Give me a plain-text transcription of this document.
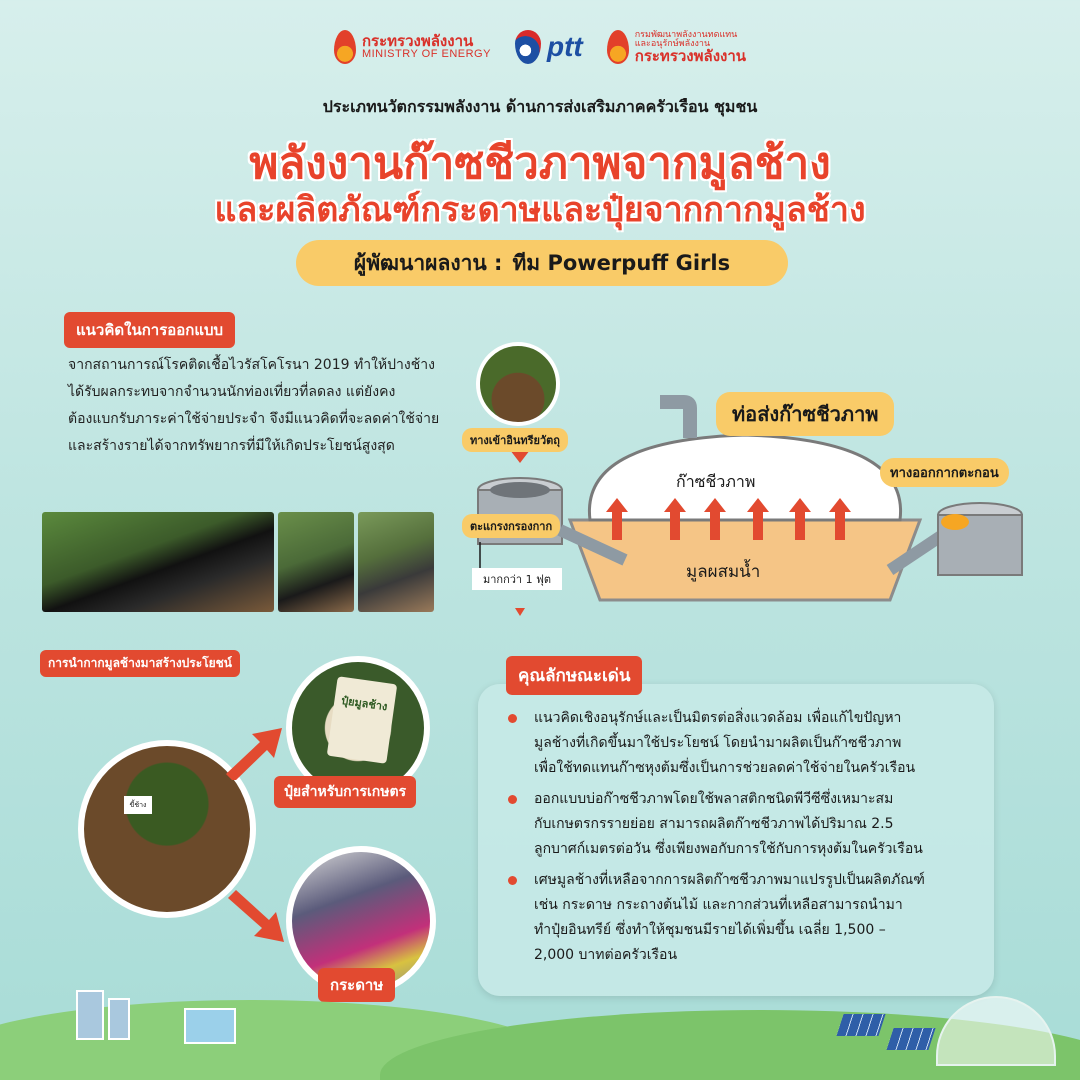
กระทรวงพลังงาน
MINISTRY OF ENERGY ptt	กรมพัฒนาพลังงานทดแทน
และอนุรักษ์พลังงาน
กระทรวงพลังงาน
ประเภทนวัตกรรมพลังงาน ด้านการส่งเสริมภาคครัวเรือน ชุมชน
พลังงานก๊าซชีวภาพจากมูลช้าง
และผลิตภัณฑ์กระดาษและปุ๋ยจากกากมูลช้าง
ผู้พัฒนาผลงาน : ทีม Powerpuff Girls
แนวคิดในการออกแบบ
จากสถานการณ์โรคติดเชื้อไวรัสโคโรนา 2019 ทำให้ปางช้าง
ได้รับผลกระทบจากจำนวนนักท่องเที่ยวที่ลดลง แต่ยังคง
ต้องแบกรับภาระค่าใช้จ่ายประจำ จึงมีแนวคิดที่จะลดค่าใช้จ่าย
และสร้างรายได้จากทรัพยากรที่มีให้เกิดประโยชน์สูงสุด
ท่อส่งก๊าซชีวภาพ
ทางเข้าอินทรียวัตถุ
ตะแกรงกรองกาก
ทางออกกากตะกอน
ก๊าซชีวภาพ
มูลผสมน้ำ
มากกว่า 1 ฟุต
การนำกากมูลช้างมาสร้างประโยชน์
ขี้ช้าง
ปุ๋ยมูลช้าง
ปุ๋ยสำหรับการเกษตร
กระดาษ
แนวคิดเชิงอนุรักษ์และเป็นมิตรต่อสิ่งแวดล้อม เพื่อแก้ไขปัญหา
มูลช้างที่เกิดขึ้นมาใช้ประโยชน์ โดยนำมาผลิตเป็นก๊าซชีวภาพ
เพื่อใช้ทดแทนก๊าซหุงต้มซึ่งเป็นการช่วยลดค่าใช้จ่ายในครัวเรือน
ออกแบบบ่อก๊าซชีวภาพโดยใช้พลาสติกชนิดพีวีซีซึ่งเหมาะสม
กับเกษตรกรรายย่อย สามารถผลิตก๊าซชีวภาพได้ปริมาณ 2.5
ลูกบาศก์เมตรต่อวัน ซึ่งเพียงพอกับการใช้กับการหุงต้มในครัวเรือน
เศษมูลช้างที่เหลือจากการผลิตก๊าซชีวภาพมาแปรรูปเป็นผลิตภัณฑ์
เช่น กระดาษ กระถางต้นไม้ และกากส่วนที่เหลือสามารถนำมา
ทำปุ๋ยอินทรีย์ ซึ่งทำให้ชุมชนมีรายได้เพิ่มขึ้น เฉลี่ย 1,500 –
2,000 บาทต่อครัวเรือน
คุณลักษณะเด่น
